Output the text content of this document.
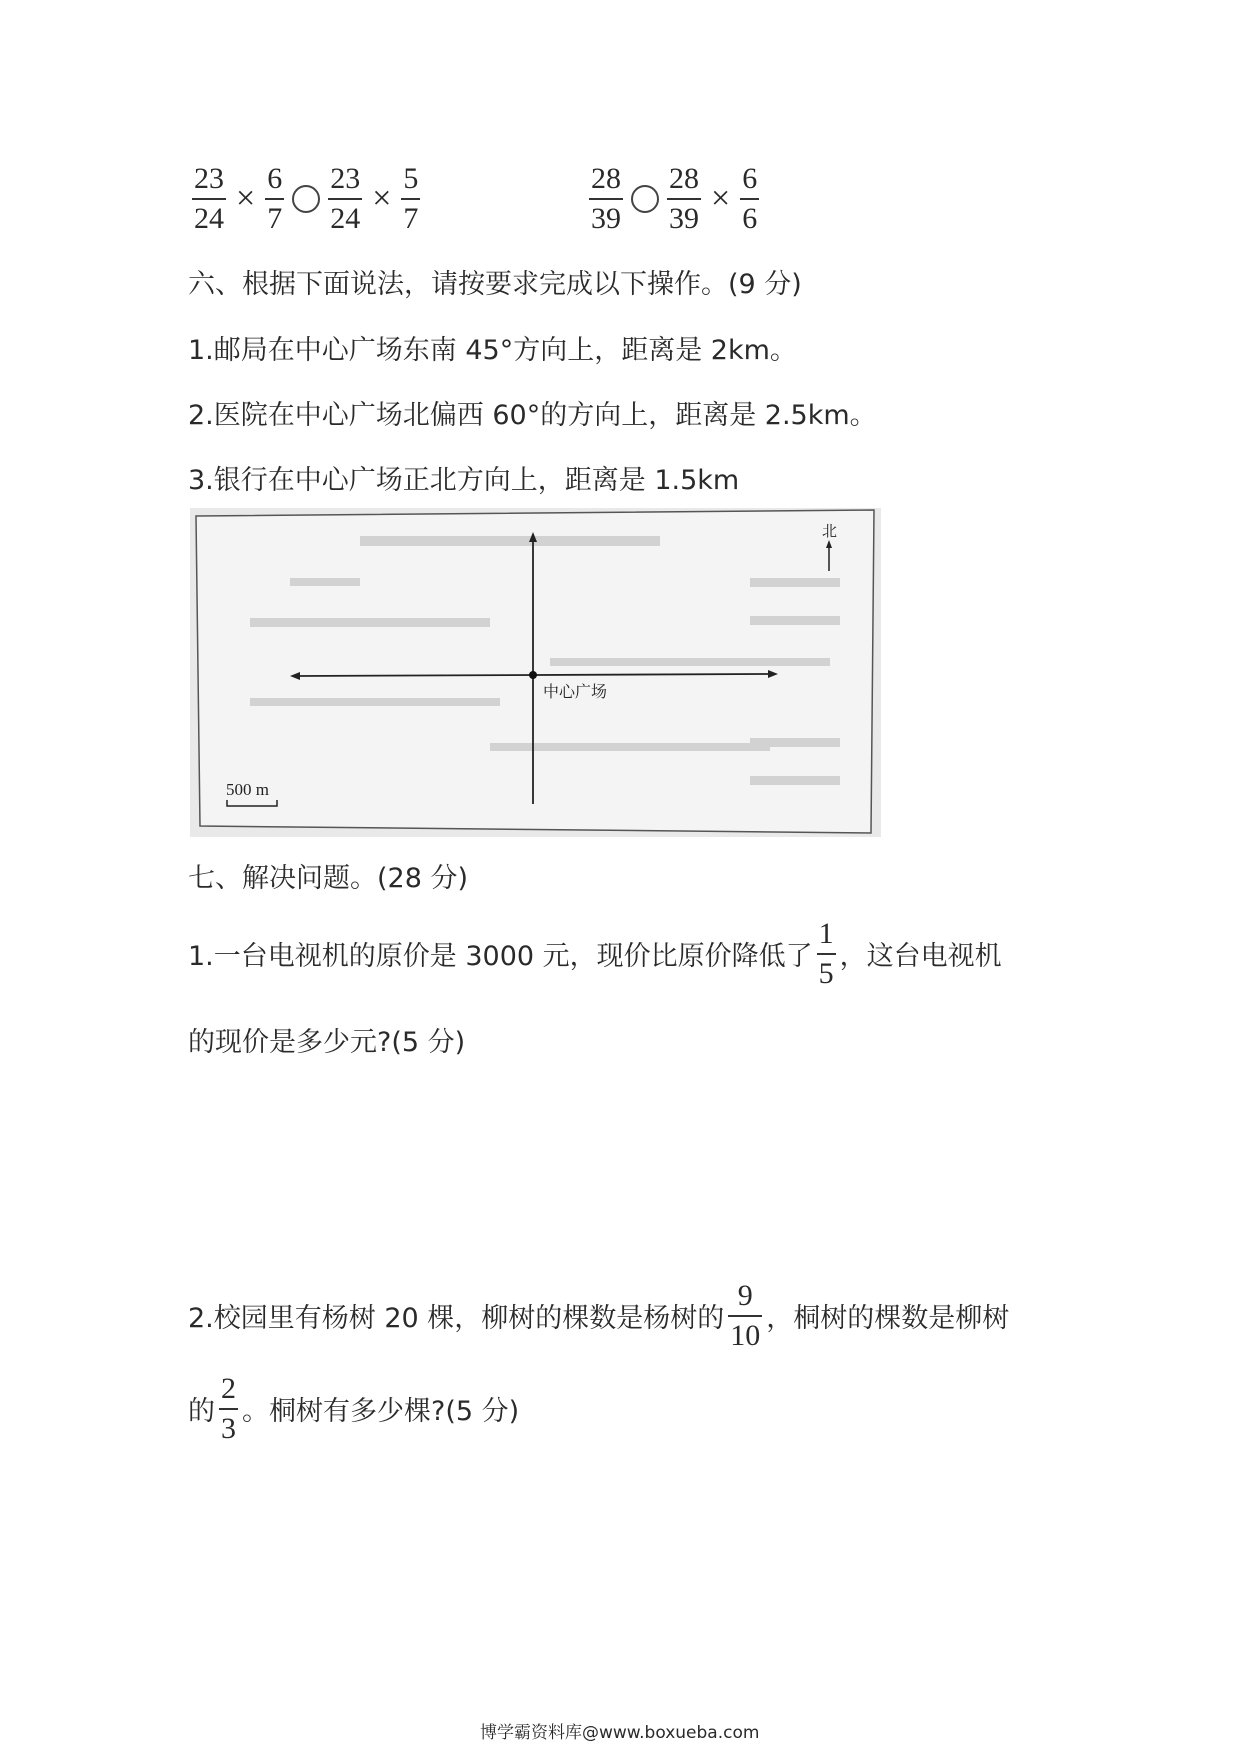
$\frac{23}{24} \times \frac{6}{7} \frac{23}{24} \times \frac{5}{7}$	$\frac{28}{39} \frac{28}{39} \times \frac{6}{6}$
六、根据下面说法，请按要求完成以下操作。(9 分)
1.邮局在中心广场东南 45°方向上，距离是 2km。
2.医院在中心广场北偏西 60°的方向上，距离是 2.5km。
3.银行在中心广场正北方向上，距离是 1.5km
北
中心广场
500 m
七、解决问题。(28 分)
1.一台电视机的原价是 3000 元，现价比原价降低了 $\frac{1}{5}$ ，这台电视机
的现价是多少元?(5 分)
2.校园里有杨树 20 棵，柳树的棵数是杨树的 $\frac{9}{10}$ ，桐树的棵数是柳树
的 $\frac{2}{3}$ 。桐树有多少棵?(5 分)
博学霸资料库@www.boxueba.com
